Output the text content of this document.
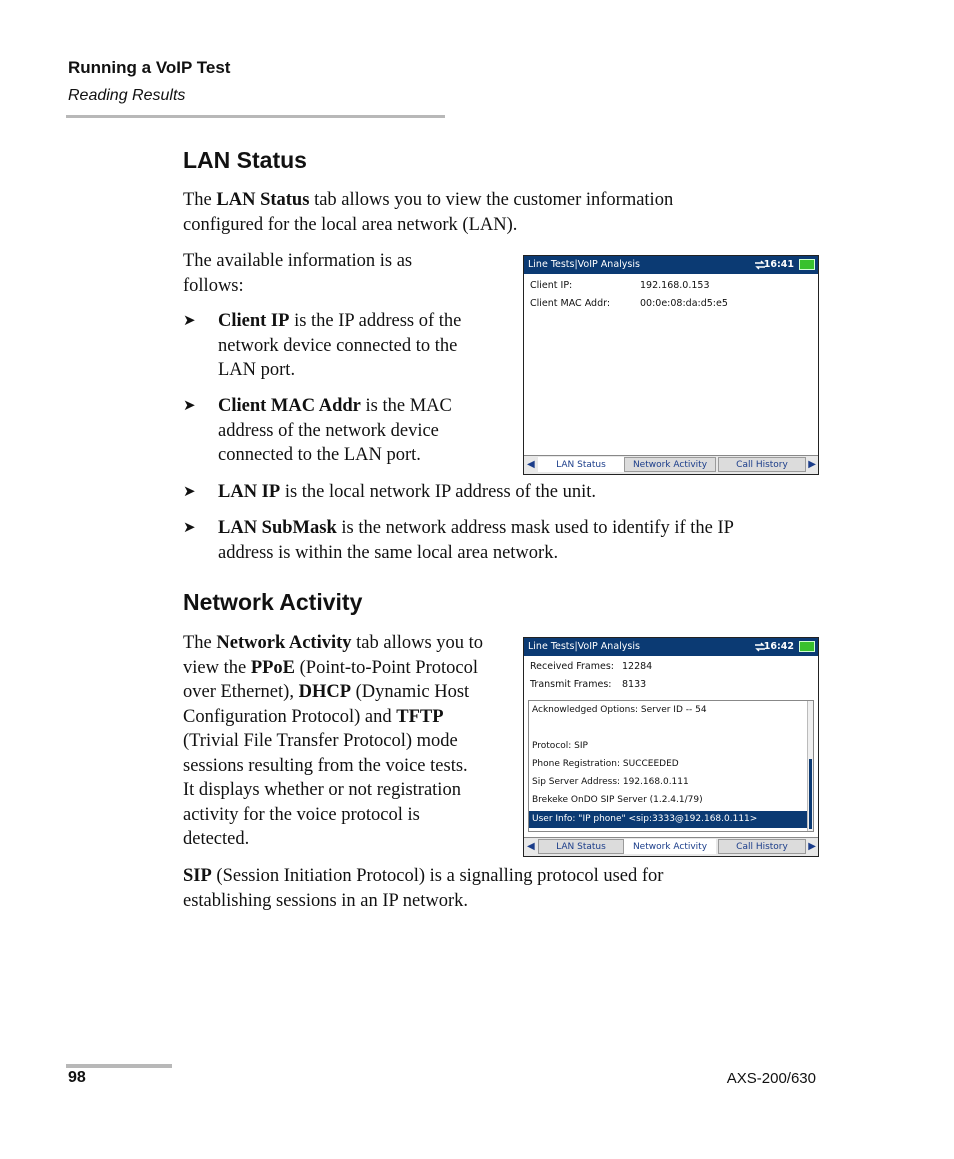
Running a VoIP Test
Reading Results
LAN Status
The LAN Status tab allows you to view the customer information
configured for the local area network (LAN).
The available information is as
follows:
➤ Client IP is the IP address of the
network device connected to the
LAN port.
➤ Client MAC Addr is the MAC
address of the network device
connected to the LAN port.
➤ LAN IP is the local network IP address of the unit.
➤ LAN SubMask is the network address mask used to identify if the IP
address is within the same local area network.
Line Tests|VoIP Analysis	16:41
Client IP:	192.168.0.153
Client MAC Addr:	00:0e:08:da:d5:e5
◀	LAN Status	Network Activity	Call History	▶
Network Activity
The Network Activity tab allows you to
view the PPoE (Point-to-Point Protocol
over Ethernet), DHCP (Dynamic Host
Configuration Protocol) and TFTP
(Trivial File Transfer Protocol) mode
sessions resulting from the voice tests.
It displays whether or not registration
activity for the voice protocol is
detected.
Line Tests|VoIP Analysis	16:42
Received Frames: 12284
Transmit Frames: 8133
Acknowledged Options: Server ID -- 54
Protocol: SIP
Phone Registration: SUCCEEDED
Sip Server Address: 192.168.0.111
Brekeke OnDO SIP Server (1.2.4.1/79)
User Info: "IP phone" <sip:3333@192.168.0.111>
◀	LAN Status	Network Activity	Call History	▶
SIP (Session Initiation Protocol) is a signalling protocol used for
establishing sessions in an IP network.
98	AXS-200/630
